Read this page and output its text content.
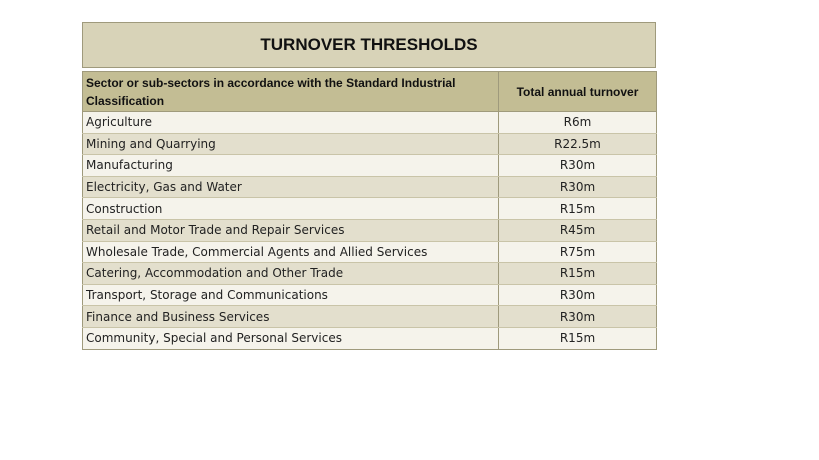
TURNOVER THRESHOLDS
Sector or sub-sectors in accordance with the Standard Industrial Classification	Total annual turnover
Agriculture	R6m
Mining and Quarrying	R22.5m
Manufacturing	R30m
Electricity, Gas and Water	R30m
Construction	R15m
Retail and Motor Trade and Repair Services	R45m
Wholesale Trade, Commercial Agents and Allied Services	R75m
Catering, Accommodation and Other Trade	R15m
Transport, Storage and Communications	R30m
Finance and Business Services	R30m
Community, Special and Personal Services	R15m
